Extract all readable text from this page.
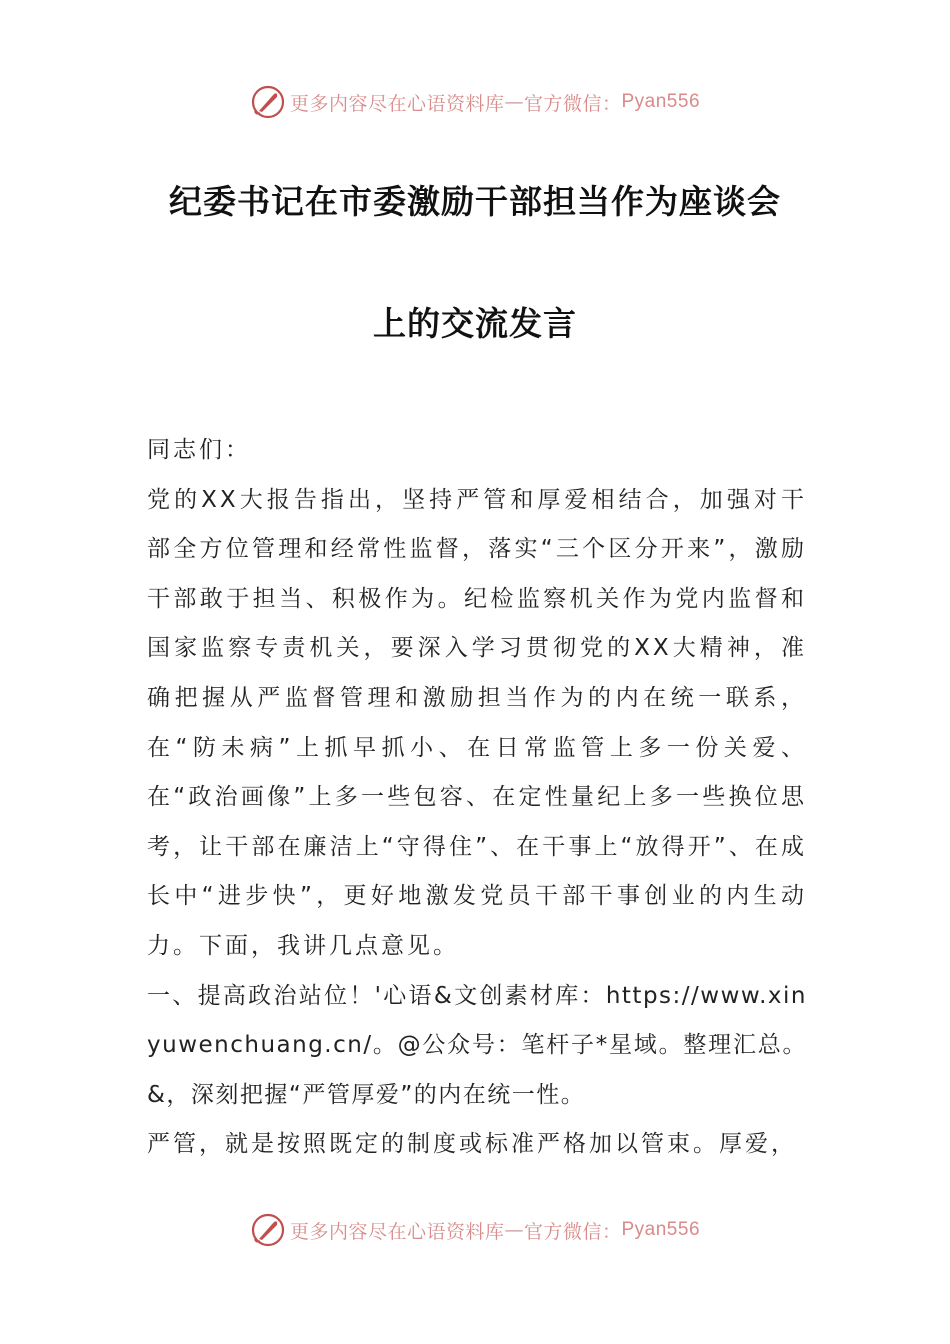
更多内容尽在心语资料库 — 官方微信： Pyan556
纪委书记在市委激励干部担当作为座谈会
上的交流发言

同志们：

党的XX大报告指出，坚持严管和厚爱相结合，加强对干部全方位管理和经常性监督，落实“三个区分开来”，激励干部敢于担当、积极作为。纪检监察机关作为党内监督和国家监察专责机关，要深入学习贯彻党的XX大精神，准确把握从严监督管理和激励担当作为的内在统一联系，在“防未病”上抓早抓小、在日常监管上多一份关爱、在“政治画像”上多一些包容、在定性量纪上多一些换位思考，让干部在廉洁上“守得住”、在干事上“放得开”、在成长中“进步快”，更好地激发党员干部干事创业的内生动力。下面，我讲几点意见。

一、提高政治站位！'心语&文创素材库：https://www.xinyuwenchuang.cn/。@公众号：笔杆子*星域。整理汇总。&，深刻把握“严管厚爱”的内在统一性。

严管，就是按照既定的制度或标准严格加以管束。厚爱，

更多内容尽在心语资料库 — 官方微信： Pyan556
